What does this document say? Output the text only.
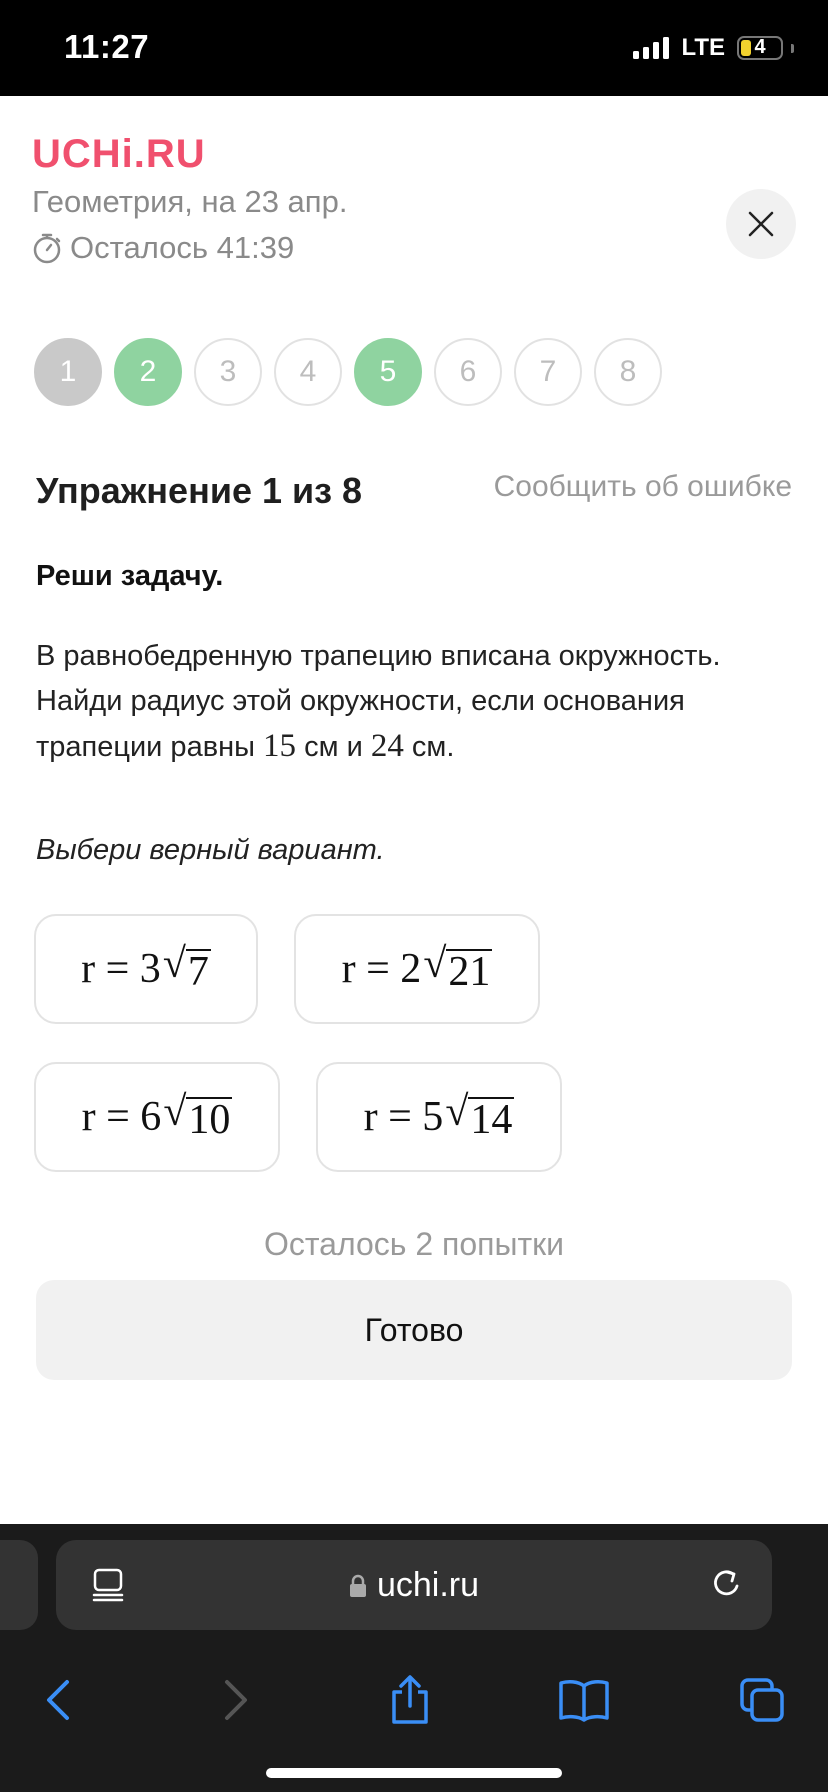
11:27	LTE	4
UCHi.RU
Геометрия, на 23 апр.
Осталось 41:39
1	2	3	4	5	6	7	8
Упражнение 1 из 8	Сообщить об ошибке
Реши задачу.
В равнобедренную трапецию вписана окружность. Найди радиус этой окружности, если основания трапеции равны 15 см и 24 см.
Выбери верный вариант.
r = 3 √ 7	r = 2 √ 21
r = 6 √ 10	r = 5 √ 14
Осталось 2 попытки
Готово
uchi.ru
